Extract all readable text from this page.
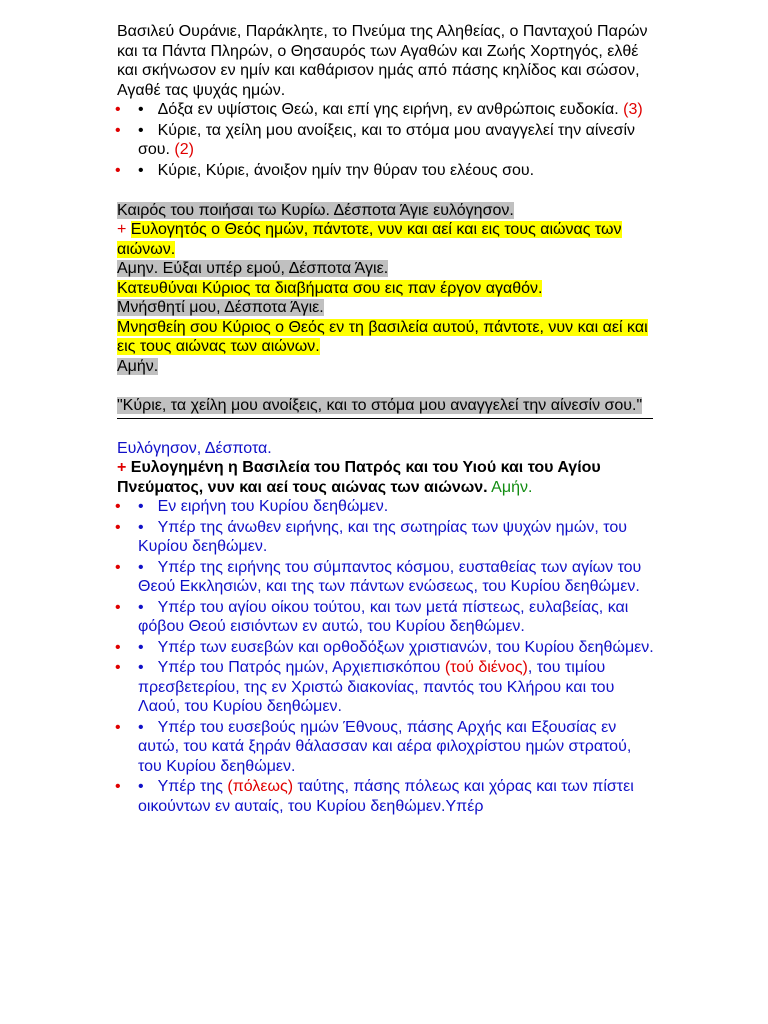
Βασιλεύ Ουράνιε, Παράκλητε, το Πνεύμα της Αληθείας, ο Πανταχού Παρών και τα Πάντα Πληρών, ο Θησαυρός των Αγαθών και Ζωής Χορτηγός, ελθέ και σκήνωσον εν ημίν και καθάρισον ημάς από πάσης κηλίδος και σώσον, Αγαθέ τας ψυχάς ημών.

• • Δόξα εν υψίστοις Θεώ, και επί γης ειρήνη, εν ανθρώποις ευδοκία. (3)
• • Κύριε, τα χείλη μου ανοίξεις, και το στόμα μου αναγγελεί την αίνεσίν σου. (2)
• • Κύριε, Κύριε, άνοιξον ημίν την θύραν του ελέους σου.

Καιρός του ποιήσαι τω Κυρίω. Δέσποτα Άγιε ευλόγησον.

+ Ευλογητός ο Θεός ημών, πάντοτε, νυν και αεί και εις τους αιώνας των αιώνων.

Αμην. Εύξαι υπέρ εμού, Δέσποτα Άγιε.

Κατευθύναι Κύριος τα διαβήματα σου εις παν έργον αγαθόν.

Μνήσθητί μου, Δέσποτα Άγιε.

Μνησθείη σου Κύριος ο Θεός εν τη βασιλεία αυτού, πάντοτε, νυν και αεί και εις τους αιώνας των αιώνων.

Αμήν.

"Κύριε, τα χείλη μου ανοίξεις, και το στόμα μου αναγγελεί την αίνεσίν σου."

Ευλόγησον, Δέσποτα.

+ Ευλογημένη η Βασιλεία του Πατρός και του Υιού και του Αγίου Πνεύματος, νυν και αεί τους αιώνας των αιώνων. Αμήν.

• • Εν ειρήνη του Κυρίου δεηθώμεν.
• • Υπέρ της άνωθεν ειρήνης, και της σωτηρίας των ψυχών ημών, του Κυρίου δεηθώμεν.
• • Υπέρ της ειρήνης του σύμπαντος κόσμου, ευσταθείας των αγίων του Θεού Εκκλησιών, και της των πάντων ενώσεως, του Κυρίου δεηθώμεν.
• • Υπέρ του αγίου οίκου τούτου, και των μετά πίστεως, ευλαβείας, και φόβου Θεού εισιόντων εν αυτώ, του Κυρίου δεηθώμεν.
• • Υπέρ των ευσεβών και ορθοδόξων χριστιανών, του Κυρίου δεηθώμεν.
• • Υπέρ του Πατρός ημών, Αρχιεπισκόπου (τού διένος), του τιμίου πρεσβετερίου, της εν Χριστώ διακονίας, παντός του Κλήρου και του Λαού, του Κυρίου δεηθώμεν.
• • Υπέρ του ευσεβούς ημών Έθνους, πάσης Αρχής και Εξουσίας εν αυτώ, του κατά ξηράν θάλασσαν και αέρα φιλοχρίστου ημών στρατού, του Κυρίου δεηθώμεν.
• • Υπέρ της (πόλεως) ταύτης, πάσης πόλεως και χόρας και των πίστει οικούντων εν αυταίς, του Κυρίου δεηθώμεν.Υπέρ
